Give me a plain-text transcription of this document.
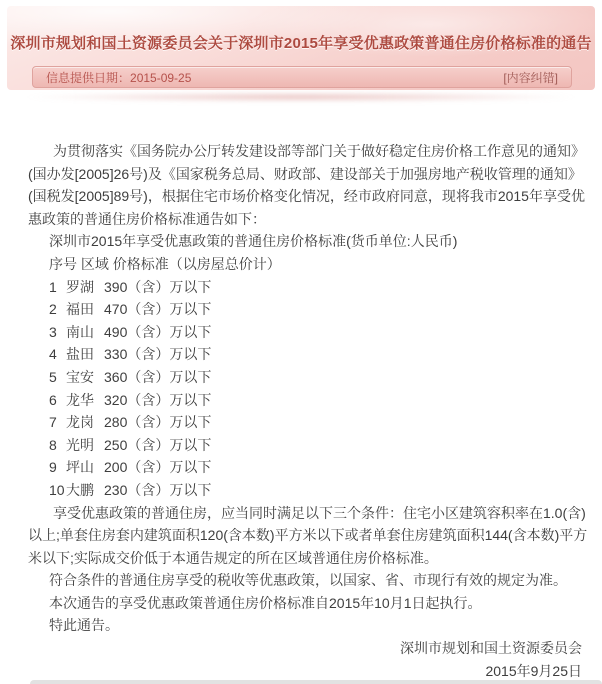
深圳市规划和国土资源委员会关于深圳市2015年享受优惠政策普通住房价格标准的通告
信息提供日期：2015-09-25	[内容纠错]

为贯彻落实《国务院办公厅转发建设部等部门关于做好稳定住房价格工作意见的通知》(国办发[2005]26号)及《国家税务总局、财政部、建设部关于加强房地产税收管理的通知》(国税发[2005]89号)，根据住宅市场价格变化情况，经市政府同意，现将我市2015年享受优惠政策的普通住房价格标准通告如下：

深圳市2015年享受优惠政策的普通住房价格标准(货币单位:人民币)

序号 区域 价格标准（以房屋总价计）
1 罗湖 390（含）万以下
2 福田 470（含）万以下
3 南山 490（含）万以下
4 盐田 330（含）万以下
5 宝安 360（含）万以下
6 龙华 320（含）万以下
7 龙岗 280（含）万以下
8 光明 250（含）万以下
9 坪山 200（含）万以下
10大鹏 230（含）万以下

享受优惠政策的普通住房，应当同时满足以下三个条件：住宅小区建筑容积率在1.0(含)以上;单套住房套内建筑面积120(含本数)平方米以下或者单套住房建筑面积144(含本数)平方米以下;实际成交价低于本通告规定的所在区域普通住房价格标准。

符合条件的普通住房享受的税收等优惠政策，以国家、省、市现行有效的规定为准。

本次通告的享受优惠政策普通住房价格标准自2015年10月1日起执行。

特此通告。

深圳市规划和国土资源委员会

2015年9月25日
